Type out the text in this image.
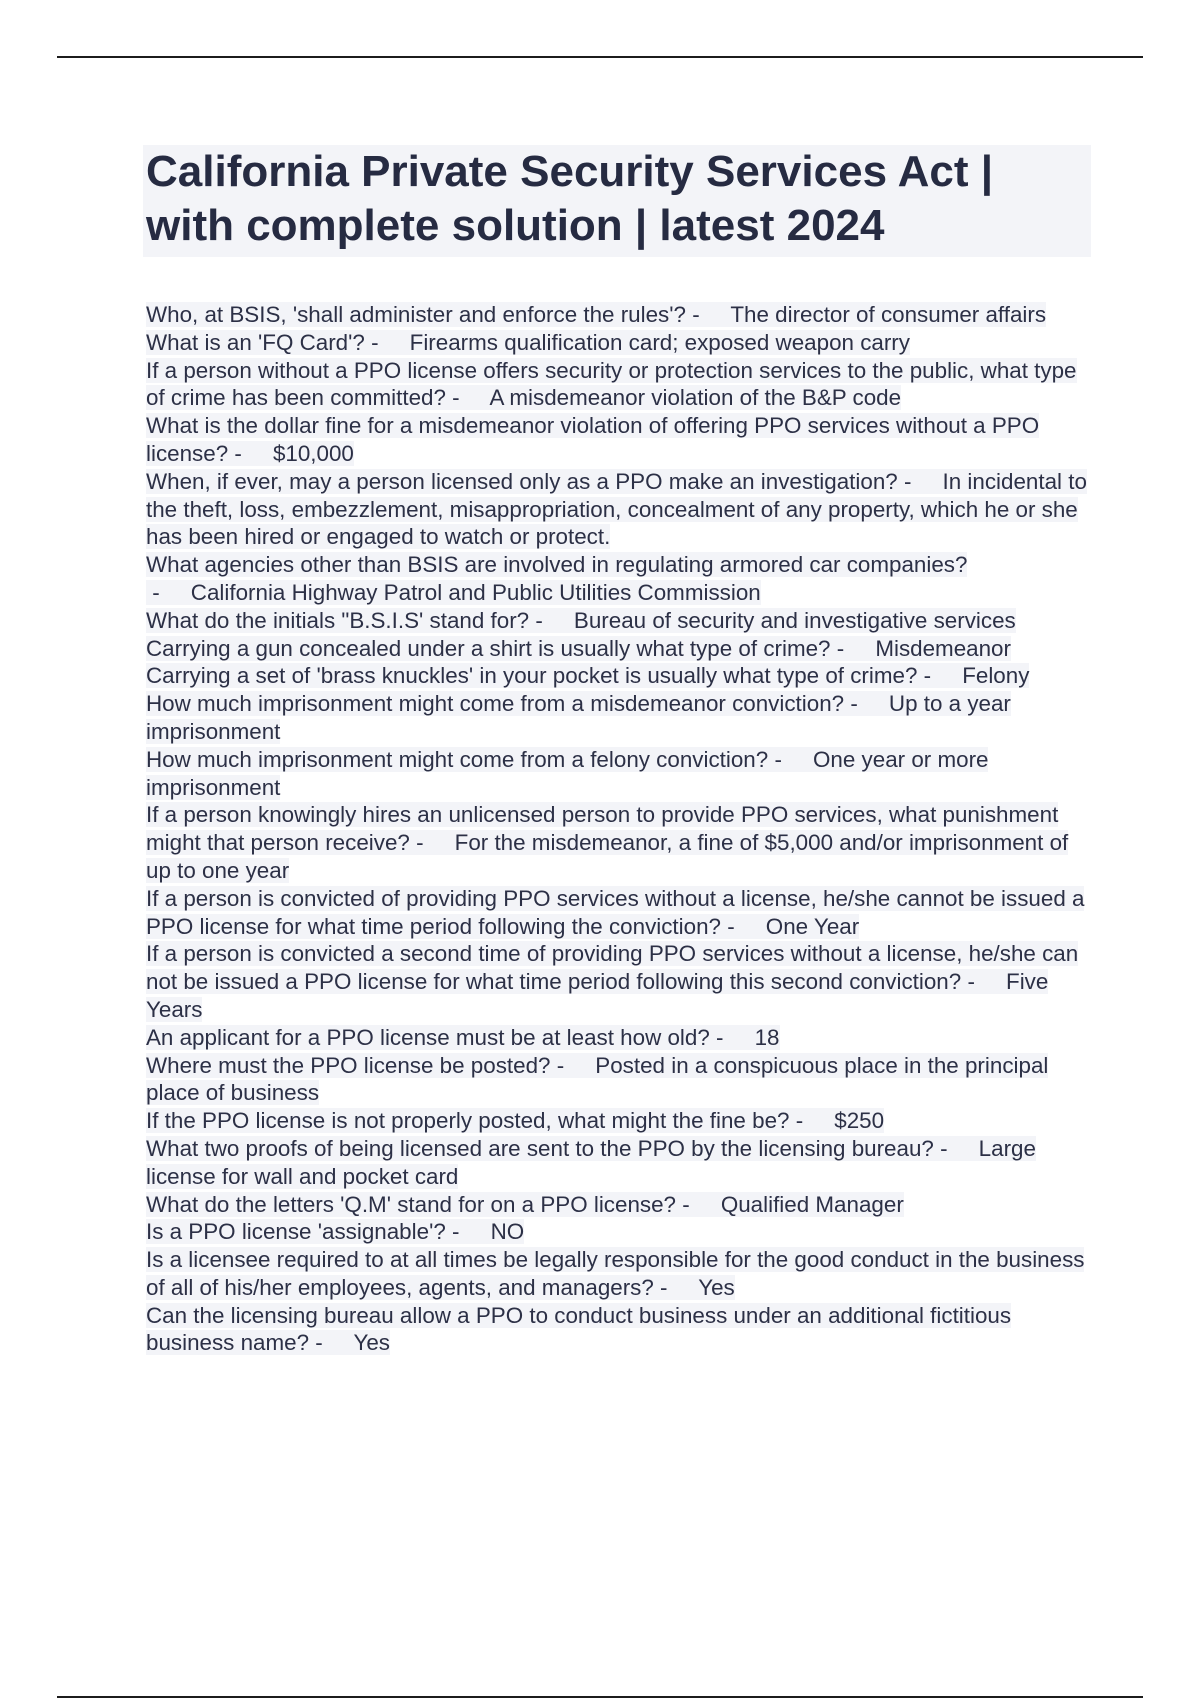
California Private Security Services Act | with complete solution | latest 2024
Who, at BSIS, 'shall administer and enforce the rules'? -     The director of consumer affairs
What is an 'FQ Card'? -     Firearms qualification card; exposed weapon carry
If a person without a PPO license offers security or protection services to the public, what type of crime has been committed? -     A misdemeanor violation of the B&P code
What is the dollar fine for a misdemeanor violation of offering PPO services without a PPO license? -     $10,000
When, if ever, may a person licensed only as a PPO make an investigation? -     In incidental to the theft, loss, embezzlement, misappropriation, concealment of any property, which he or she has been hired or engaged to watch or protect.
What agencies other than BSIS are involved in regulating armored car companies? -     California Highway Patrol and Public Utilities Commission
What do the initials "B.S.I.S' stand for? -     Bureau of security and investigative services
Carrying a gun concealed under a shirt is usually what type of crime? -     Misdemeanor
Carrying a set of 'brass knuckles' in your pocket is usually what type of crime? -     Felony
How much imprisonment might come from a misdemeanor conviction? -     Up to a year imprisonment
How much imprisonment might come from a felony conviction? -     One year or more imprisonment
If a person knowingly hires an unlicensed person to provide PPO services, what punishment might that person receive? -     For the misdemeanor, a fine of $5,000 and/or imprisonment of up to one year
If a person is convicted of providing PPO services without a license, he/she cannot be issued a PPO license for what time period following the conviction? -     One Year
If a person is convicted a second time of providing PPO services without a license, he/she can not be issued a PPO license for what time period following this second conviction? -     Five Years
An applicant for a PPO license must be at least how old? -     18
Where must the PPO license be posted? -     Posted in a conspicuous place in the principal place of business
If the PPO license is not properly posted, what might the fine be? -     $250
What two proofs of being licensed are sent to the PPO by the licensing bureau? -     Large license for wall and pocket card
What do the letters 'Q.M' stand for on a PPO license? -     Qualified Manager
Is a PPO license 'assignable'? -     NO
Is a licensee required to at all times be legally responsible for the good conduct in the business of all of his/her employees, agents, and managers? -     Yes
Can the licensing bureau allow a PPO to conduct business under an additional fictitious business name? -     Yes
